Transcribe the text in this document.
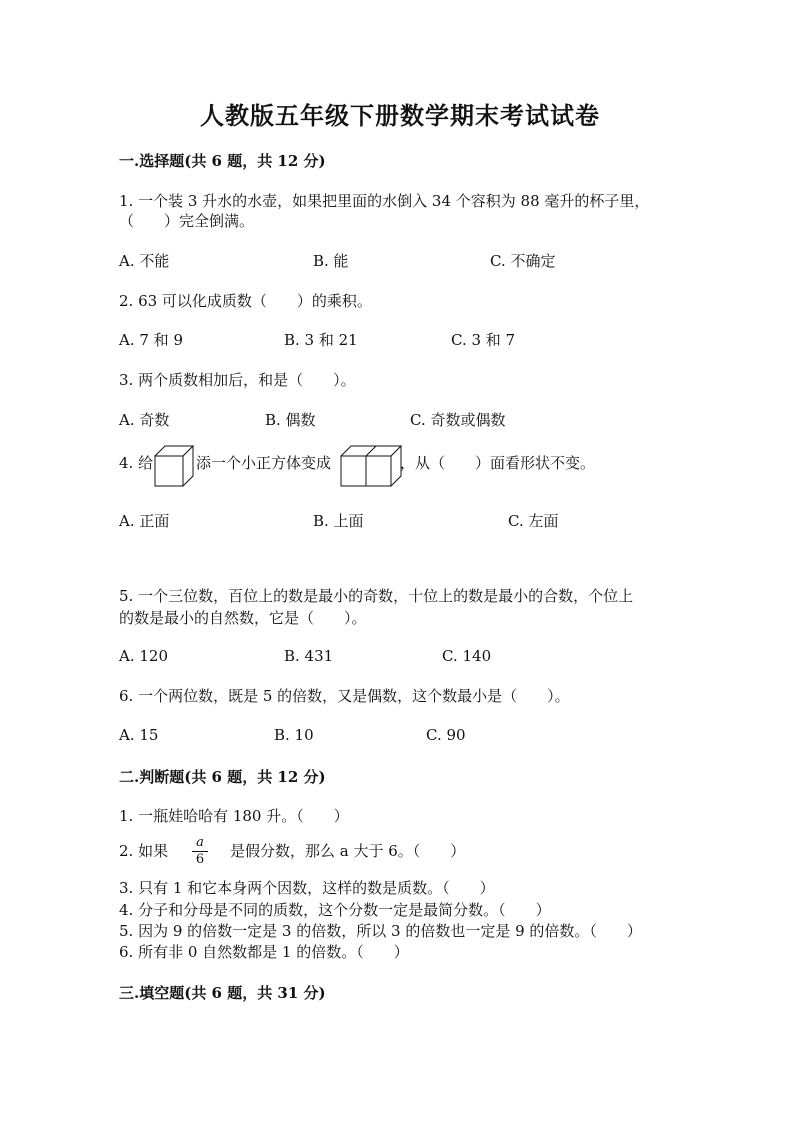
人教版五年级下册数学期末考试试卷
一.选择题(共 6 题，共 12 分)
1. 一个装 3 升水的水壶，如果把里面的水倒入 34 个容积为 88 毫升的杯子里，
（　　）完全倒满。
A. 不能	B. 能	C. 不确定
2. 63 可以化成质数（　　）的乘积。
A. 7 和 9	B. 3 和 21	C. 3 和 7
3. 两个质数相加后，和是（　　）。
A. 奇数	B. 偶数	C. 奇数或偶数
4. 给	添一个小正方体变成	，从（　　）面看形状不变。
A. 正面	B. 上面	C. 左面
5. 一个三位数，百位上的数是最小的奇数，十位上的数是最小的合数，个位上
的数是最小的自然数，它是（　　）。
A. 120	B. 431	C. 140
6. 一个两位数，既是 5 的倍数，又是偶数，这个数最小是（　　）。
A. 15	B. 10	C. 90
二.判断题(共 6 题，共 12 分)
1. 一瓶娃哈哈有 180 升。（　　）
2. 如果	a
6 是假分数，那么 a 大于 6。（　　）
3. 只有 1 和它本身两个因数，这样的数是质数。（　　）
4. 分子和分母是不同的质数，这个分数一定是最简分数。（　　）
5. 因为 9 的倍数一定是 3 的倍数，所以 3 的倍数也一定是 9 的倍数。（　　）
6. 所有非 0 自然数都是 1 的倍数。（　　）
三.填空题(共 6 题，共 31 分)
